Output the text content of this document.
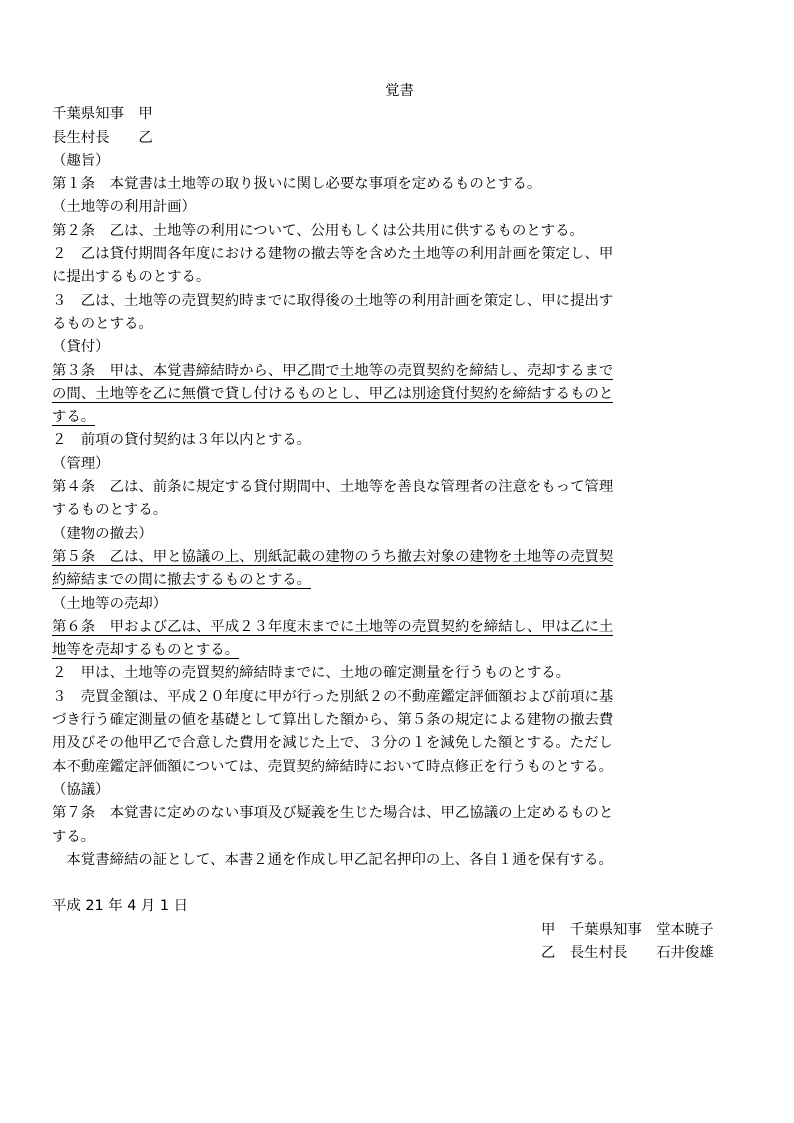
覚書
千葉県知事　甲
長生村長　　乙
（趣旨）
第１条　本覚書は土地等の取り扱いに関し必要な事項を定めるものとする。
（土地等の利用計画）
第２条　乙は、土地等の利用について、公用もしくは公共用に供するものとする。
２　乙は貸付期間各年度における建物の撤去等を含めた土地等の利用計画を策定し、甲
に提出するものとする。
３　乙は、土地等の売買契約時までに取得後の土地等の利用計画を策定し、甲に提出す
るものとする。
（貸付）
第３条　甲は、本覚書締結時から、甲乙間で土地等の売買契約を締結し、売却するまで
の間、土地等を乙に無償で貸し付けるものとし、甲乙は別途貸付契約を締結するものと
する。
２　前項の貸付契約は３年以内とする。
（管理）
第４条　乙は、前条に規定する貸付期間中、土地等を善良な管理者の注意をもって管理
するものとする。
（建物の撤去）
第５条　乙は、甲と協議の上、別紙記載の建物のうち撤去対象の建物を土地等の売買契
約締結までの間に撤去するものとする。
（土地等の売却）
第６条　甲および乙は、平成２３年度末までに土地等の売買契約を締結し、甲は乙に土
地等を売却するものとする。
２　甲は、土地等の売買契約締結時までに、土地の確定測量を行うものとする。
３　売買金額は、平成２０年度に甲が行った別紙２の不動産鑑定評価額および前項に基
づき行う確定測量の値を基礎として算出した額から、第５条の規定による建物の撤去費
用及びその他甲乙で合意した費用を減じた上で、３分の１を減免した額とする。ただし
本不動産鑑定評価額については、売買契約締結時において時点修正を行うものとする。
（協議）
第７条　本覚書に定めのない事項及び疑義を生じた場合は、甲乙協議の上定めるものと
する。
　本覚書締結の証として、本書２通を作成し甲乙記名押印の上、各自１通を保有する。
平成 21 年 4 月 1 日
甲　千葉県知事　堂本暁子
乙　長生村長　　石井俊雄
